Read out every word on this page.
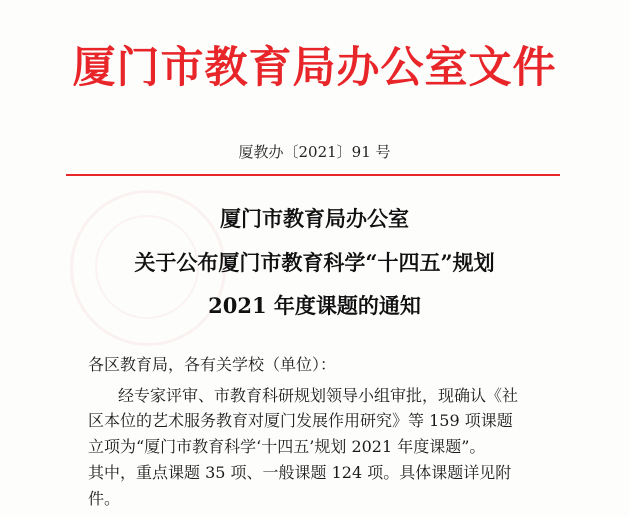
厦门市教育局办公室文件
厦教办〔2021〕91 号
厦门市教育局办公室
关于公布厦门市教育科学“十四五”规划
2021 年度课题的通知
各区教育局，各有关学校（单位）：
经专家评审、市教育科研规划领导小组审批，现确认《社
区本位的艺术服务教育对厦门发展作用研究》等 159 项课题
立项为“厦门市教育科学‘十四五’规划 2021 年度课题”。
其中，重点课题 35 项、一般课题 124 项。具体课题详见附
件。
